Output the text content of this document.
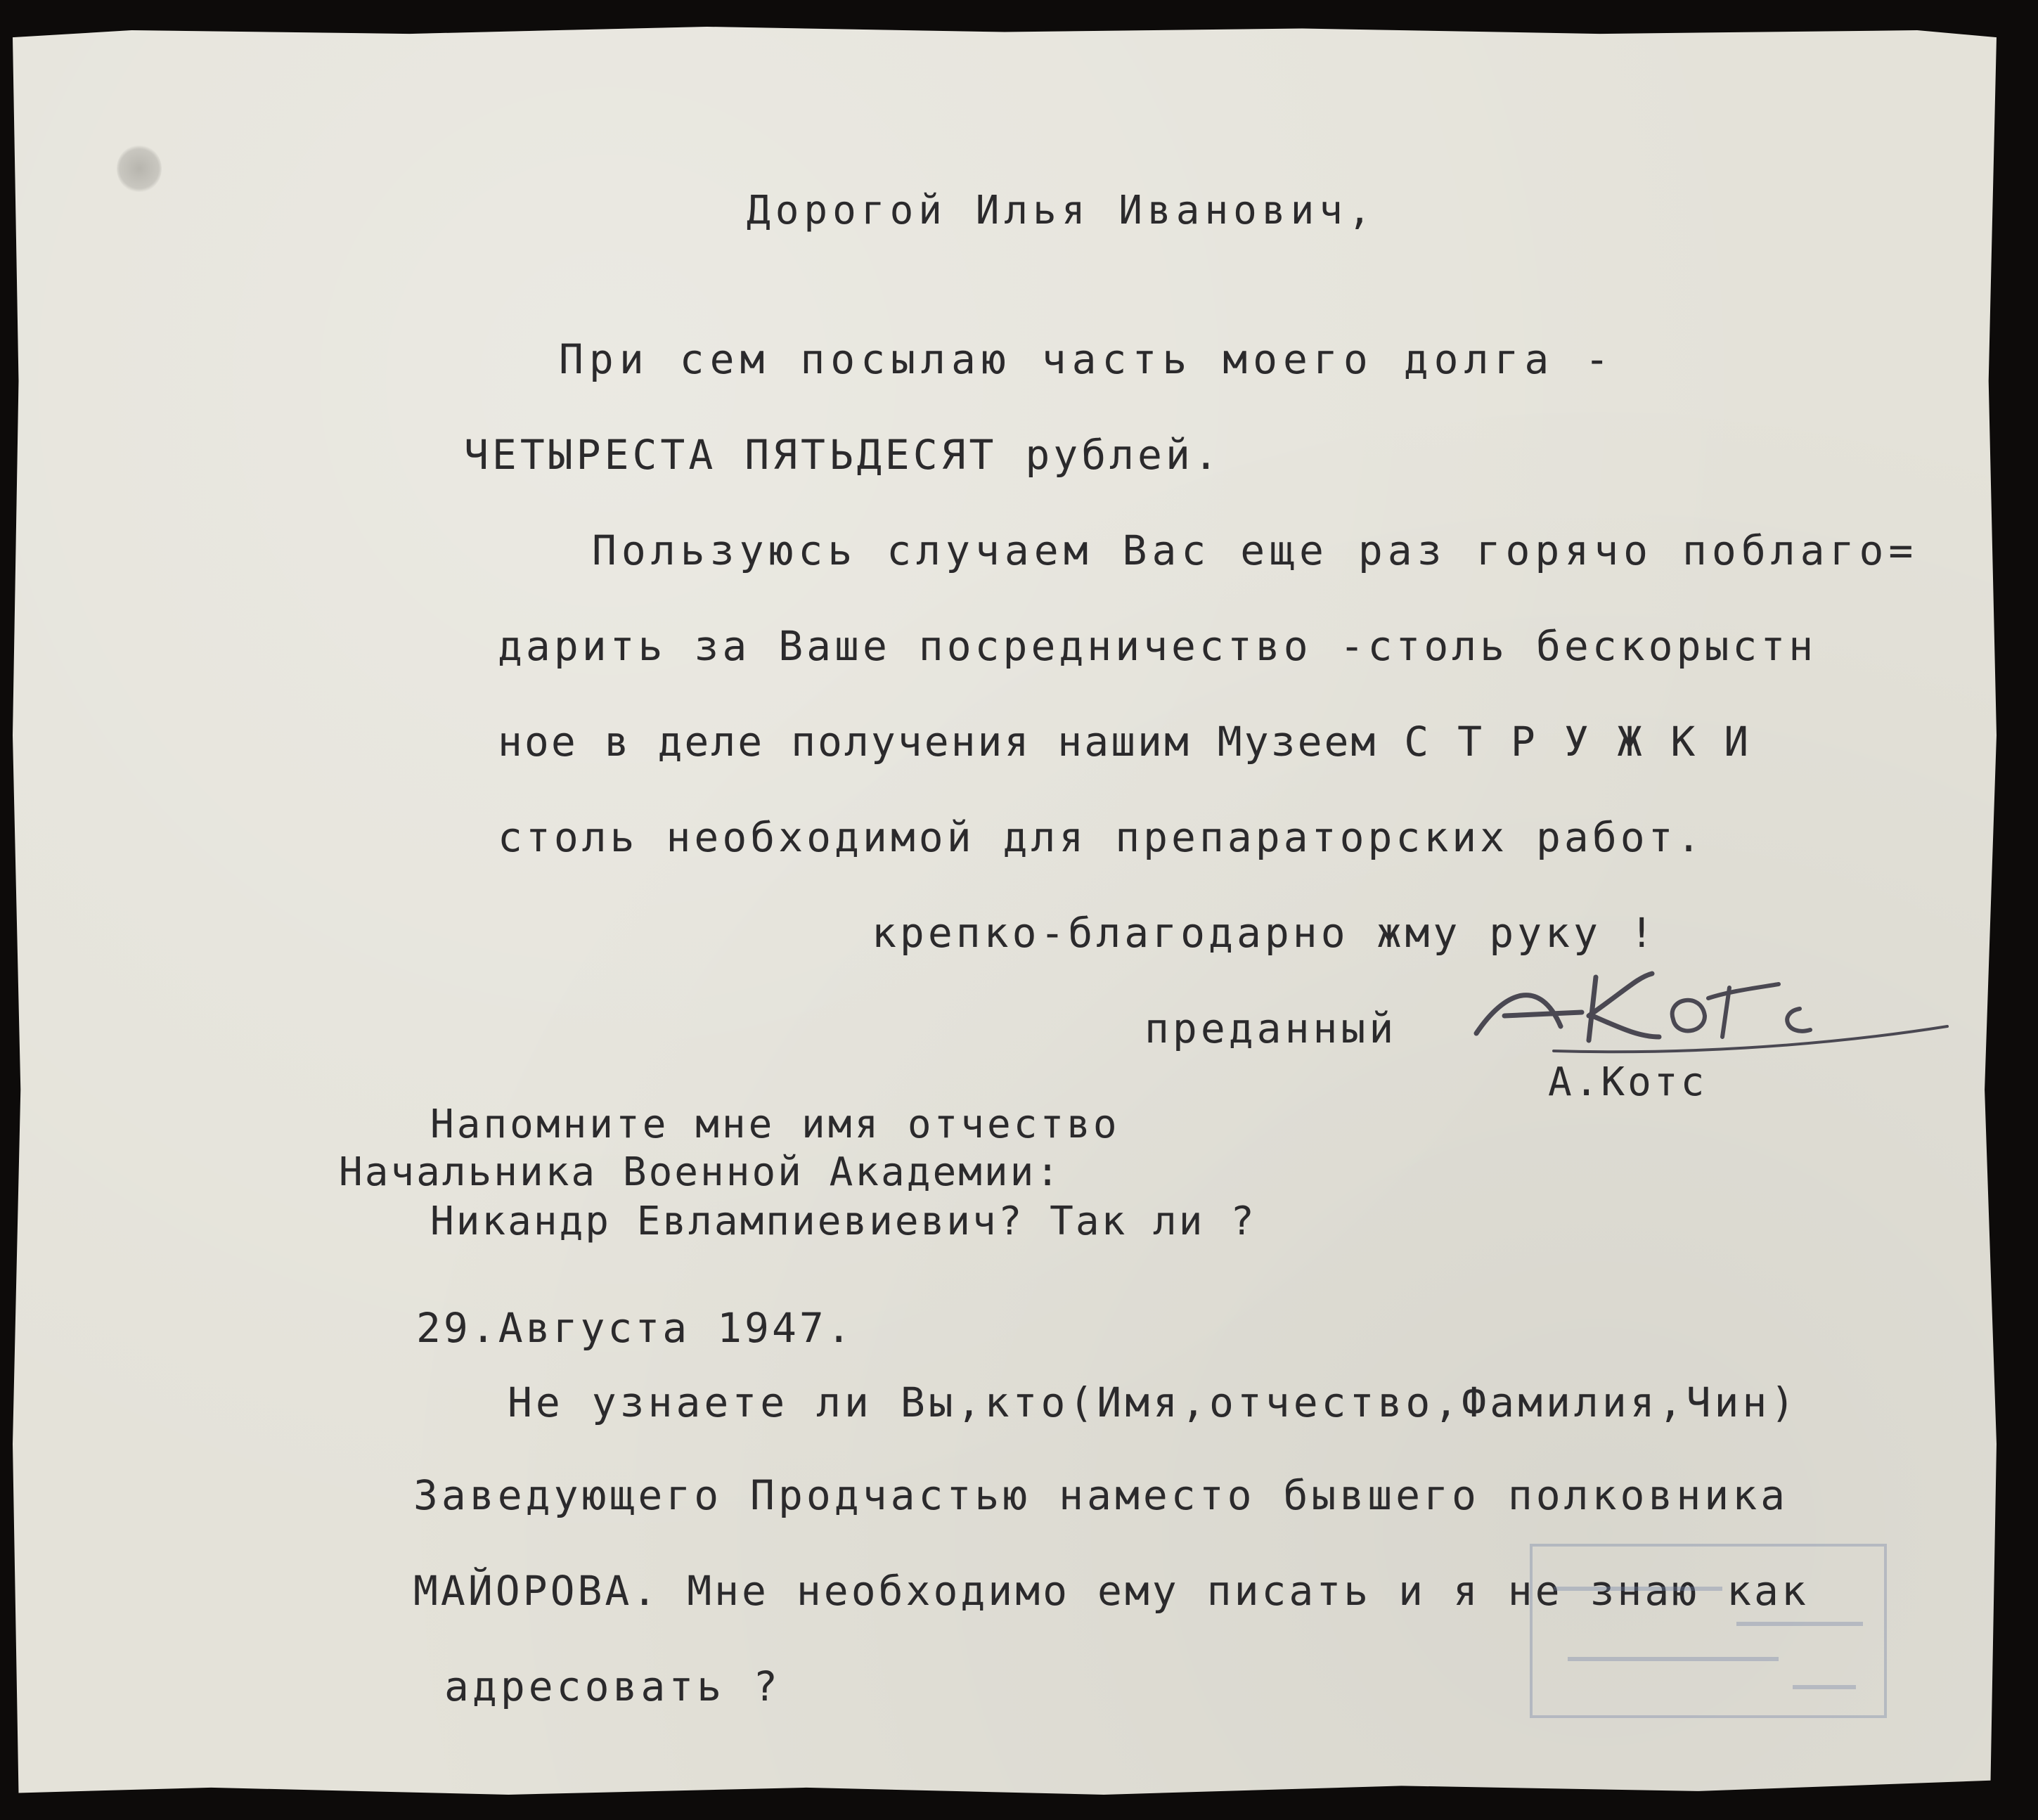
Дорогой Илья Иванович,
При сем посылаю часть моего долга -
ЧЕТЫРЕСТА ПЯТЬДЕСЯТ рублей.
Пользуюсь случаем Вас еще раз горячо поблаго=
дарить за Ваше посредничество -столь бескорыстн
ное в деле получения нашим Музеем С Т Р У Ж К И
столь необходимой для препараторских работ.
крепко-благодарно жму руку !
преданный
А.Котс
Напомните мне имя отчество
Начальника Военной Академии:
Никандр Евлампиевиевич? Так ли ?
29.Августа 1947.
Не узнаете ли Вы,кто(Имя,отчество,Фамилия,Чин)
Заведующего Продчастью наместо бывшего полковника
МАЙОРОВА. Мне необходимо ему писать и я не знаю как
адресовать ?
